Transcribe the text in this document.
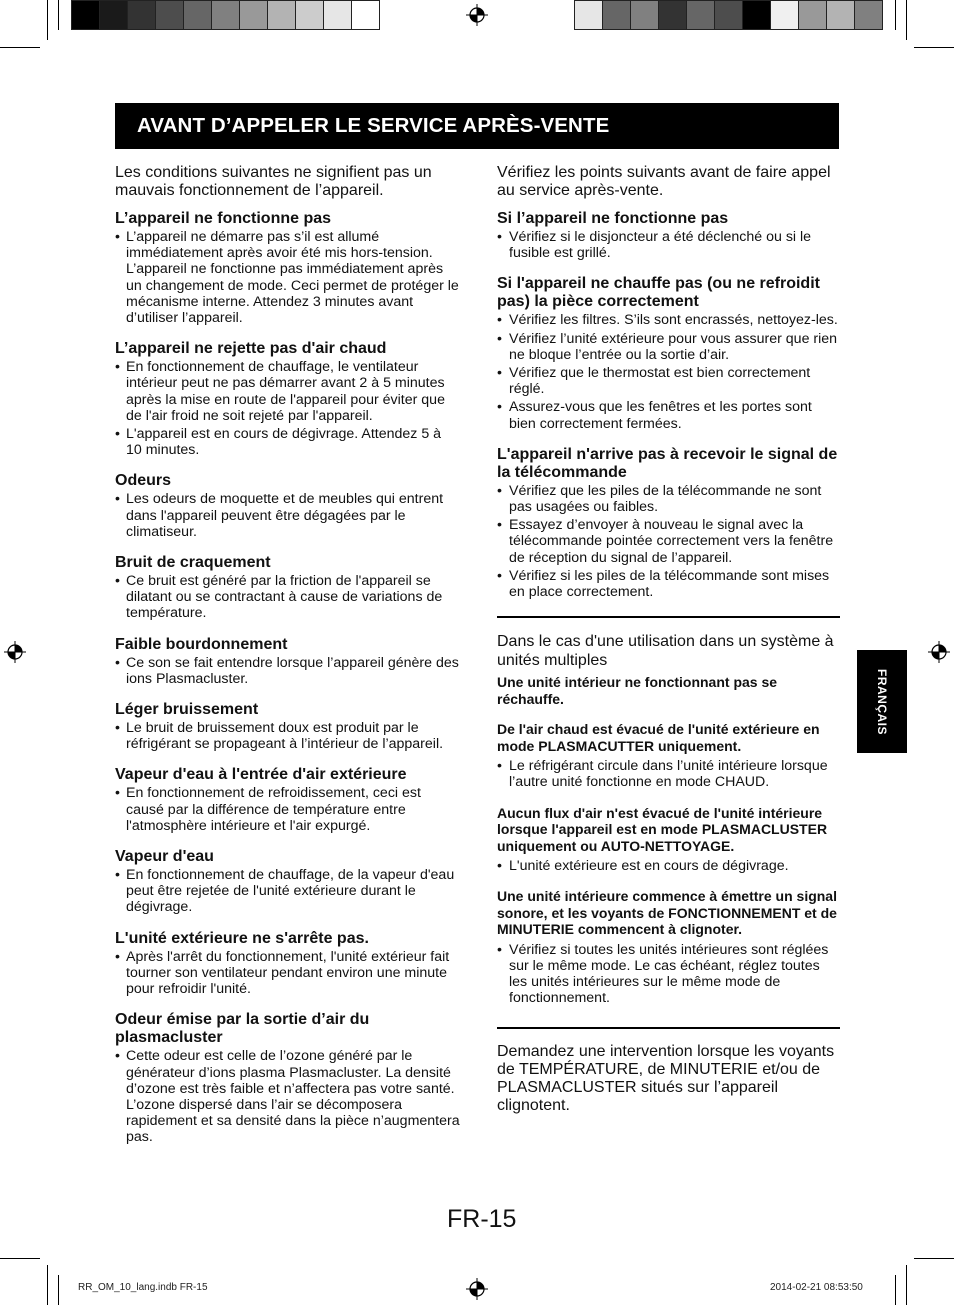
AVANT D’APPELER LE SERVICE APRÈS-VENTE

Les conditions suivantes ne signifient pas un mauvais fonctionnement de l’appareil.

L’appareil ne fonctionne pas
• L’appareil ne démarre pas s’il est allumé immédiatement après avoir été mis hors-tension. L’appareil ne fonctionne pas immédiatement après un changement de mode. Ceci permet de protéger le mécanisme interne. Attendez 3 minutes avant d’utiliser l’appareil.
L’appareil ne rejette pas d'air chaud
• En fonctionnement de chauffage, le ventilateur intérieur peut ne pas démarrer avant 2 à 5 minutes après la mise en route de l'appareil pour éviter que de l'air froid ne soit rejeté par l'appareil.
• L'appareil est en cours de dégivrage. Attendez 5 à 10 minutes.
Odeurs
• Les odeurs de moquette et de meubles qui entrent dans l'appareil peuvent être dégagées par le climatiseur.
Bruit de craquement
• Ce bruit est généré par la friction de l'appareil se dilatant ou se contractant à cause de variations de température.
Faible bourdonnement
• Ce son se fait entendre lorsque l’appareil génère des ions Plasmacluster.
Léger bruissement
• Le bruit de bruissement doux est produit par le réfrigérant se propageant à l’intérieur de l’appareil.
Vapeur d'eau à l'entrée d'air extérieure
• En fonctionnement de refroidissement, ceci est causé par la différence de température entre l'atmosphère intérieure et l'air expurgé.
Vapeur d'eau
• En fonctionnement de chauffage, de la vapeur d'eau peut être rejetée de l'unité extérieure durant le dégivrage.
L'unité extérieure ne s'arrête pas.
• Après l'arrêt du fonctionnement, l'unité extérieur fait tourner son ventilateur pendant environ une minute pour refroidir l'unité.
Odeur émise par la sortie d’air du plasmacluster
• Cette odeur est celle de l’ozone généré par le générateur d’ions plasma Plasmacluster. La densité d’ozone est très faible et n’affectera pas votre santé. L’ozone dispersé dans l’air se décomposera rapidement et sa densité dans la pièce n’augmentera pas.

Vérifiez les points suivants avant de faire appel au service après-vente.

Si l’appareil ne fonctionne pas
• Vérifiez si le disjoncteur a été déclenché ou si le fusible est grillé.
Si l'appareil ne chauffe pas (ou ne refroidit pas) la pièce correctement
• Vérifiez les filtres. S’ils sont encrassés, nettoyez-les.
• Vérifiez l’unité extérieure pour vous assurer que rien ne bloque l’entrée ou la sortie d’air.
• Vérifiez que le thermostat est bien correctement réglé.
• Assurez-vous que les fenêtres et les portes sont bien correctement fermées.
L'appareil n'arrive pas à recevoir le signal de la télécommande
• Vérifiez que les piles de la télécommande ne sont pas usagées ou faibles.
• Essayez d’envoyer à nouveau le signal avec la télécommande pointée correctement vers la fenêtre de réception du signal de l’appareil.
• Vérifiez si les piles de la télécommande sont mises en place correctement.

Dans le cas d'une utilisation dans un système à unités multiples

Une unité intérieur ne fonctionnant pas se réchauffe.
De l'air chaud est évacué de l'unité extérieure en mode PLASMACUTTER uniquement.
• Le réfrigérant circule dans l’unité intérieure lorsque l’autre unité fonctionne en mode CHAUD.
Aucun flux d'air n'est évacué de l'unité intérieure lorsque l'appareil est en mode PLASMACLUSTER uniquement ou AUTO-NETTOYAGE.
• L'unité extérieure est en cours de dégivrage.
Une unité intérieure commence à émettre un signal sonore, et les voyants de FONCTIONNEMENT et de MINUTERIE commencent à clignoter.
• Vérifiez si toutes les unités intérieures sont réglées sur le même mode. Le cas échéant, réglez toutes les unités intérieures sur le même mode de fonctionnement.

Demandez une intervention lorsque les voyants de TEMPÉRATURE, de MINUTERIE et/ou de PLASMACLUSTER situés sur l’appareil clignotent.

FRANÇAIS
FR-15
RR_OM_10_lang.indb FR-15	2014-02-21 08:53:50
